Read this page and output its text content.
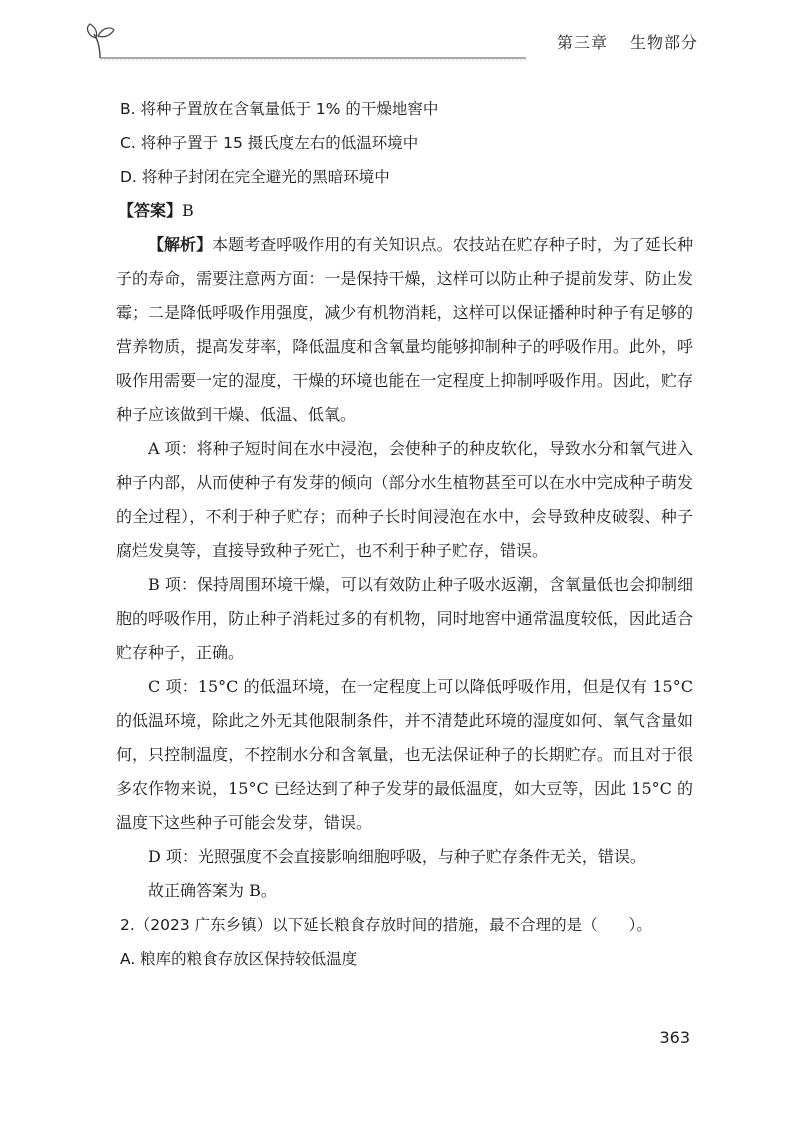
第三章 生物部分

B. 将种子置放在含氧量低于 1% 的干燥地窖中

C. 将种子置于 15 摄氏度左右的低温环境中

D. 将种子封闭在完全避光的黑暗环境中

【答案】B

【解析】本题考查呼吸作用的有关知识点。农技站在贮存种子时，为了延长种子的寿命，需要注意两方面：一是保持干燥，这样可以防止种子提前发芽、防止发霉；二是降低呼吸作用强度，减少有机物消耗，这样可以保证播种时种子有足够的营养物质，提高发芽率，降低温度和含氧量均能够抑制种子的呼吸作用。此外，呼吸作用需要一定的湿度，干燥的环境也能在一定程度上抑制呼吸作用。因此，贮存种子应该做到干燥、低温、低氧。

A 项：将种子短时间在水中浸泡，会使种子的种皮软化，导致水分和氧气进入种子内部，从而使种子有发芽的倾向（部分水生植物甚至可以在水中完成种子萌发的全过程），不利于种子贮存；而种子长时间浸泡在水中，会导致种皮破裂、种子腐烂发臭等，直接导致种子死亡，也不利于种子贮存，错误。

B 项：保持周围环境干燥，可以有效防止种子吸水返潮，含氧量低也会抑制细胞的呼吸作用，防止种子消耗过多的有机物，同时地窖中通常温度较低，因此适合贮存种子，正确。

C 项：15°C 的低温环境，在一定程度上可以降低呼吸作用，但是仅有 15°C 的低温环境，除此之外无其他限制条件，并不清楚此环境的湿度如何、氧气含量如何，只控制温度，不控制水分和含氧量，也无法保证种子的长期贮存。而且对于很多农作物来说，15°C 已经达到了种子发芽的最低温度，如大豆等，因此 15°C 的温度下这些种子可能会发芽，错误。

D 项：光照强度不会直接影响细胞呼吸，与种子贮存条件无关，错误。

故正确答案为 B。

2.（2023 广东乡镇）以下延长粮食存放时间的措施，最不合理的是（　　）。

A. 粮库的粮食存放区保持较低温度

363
